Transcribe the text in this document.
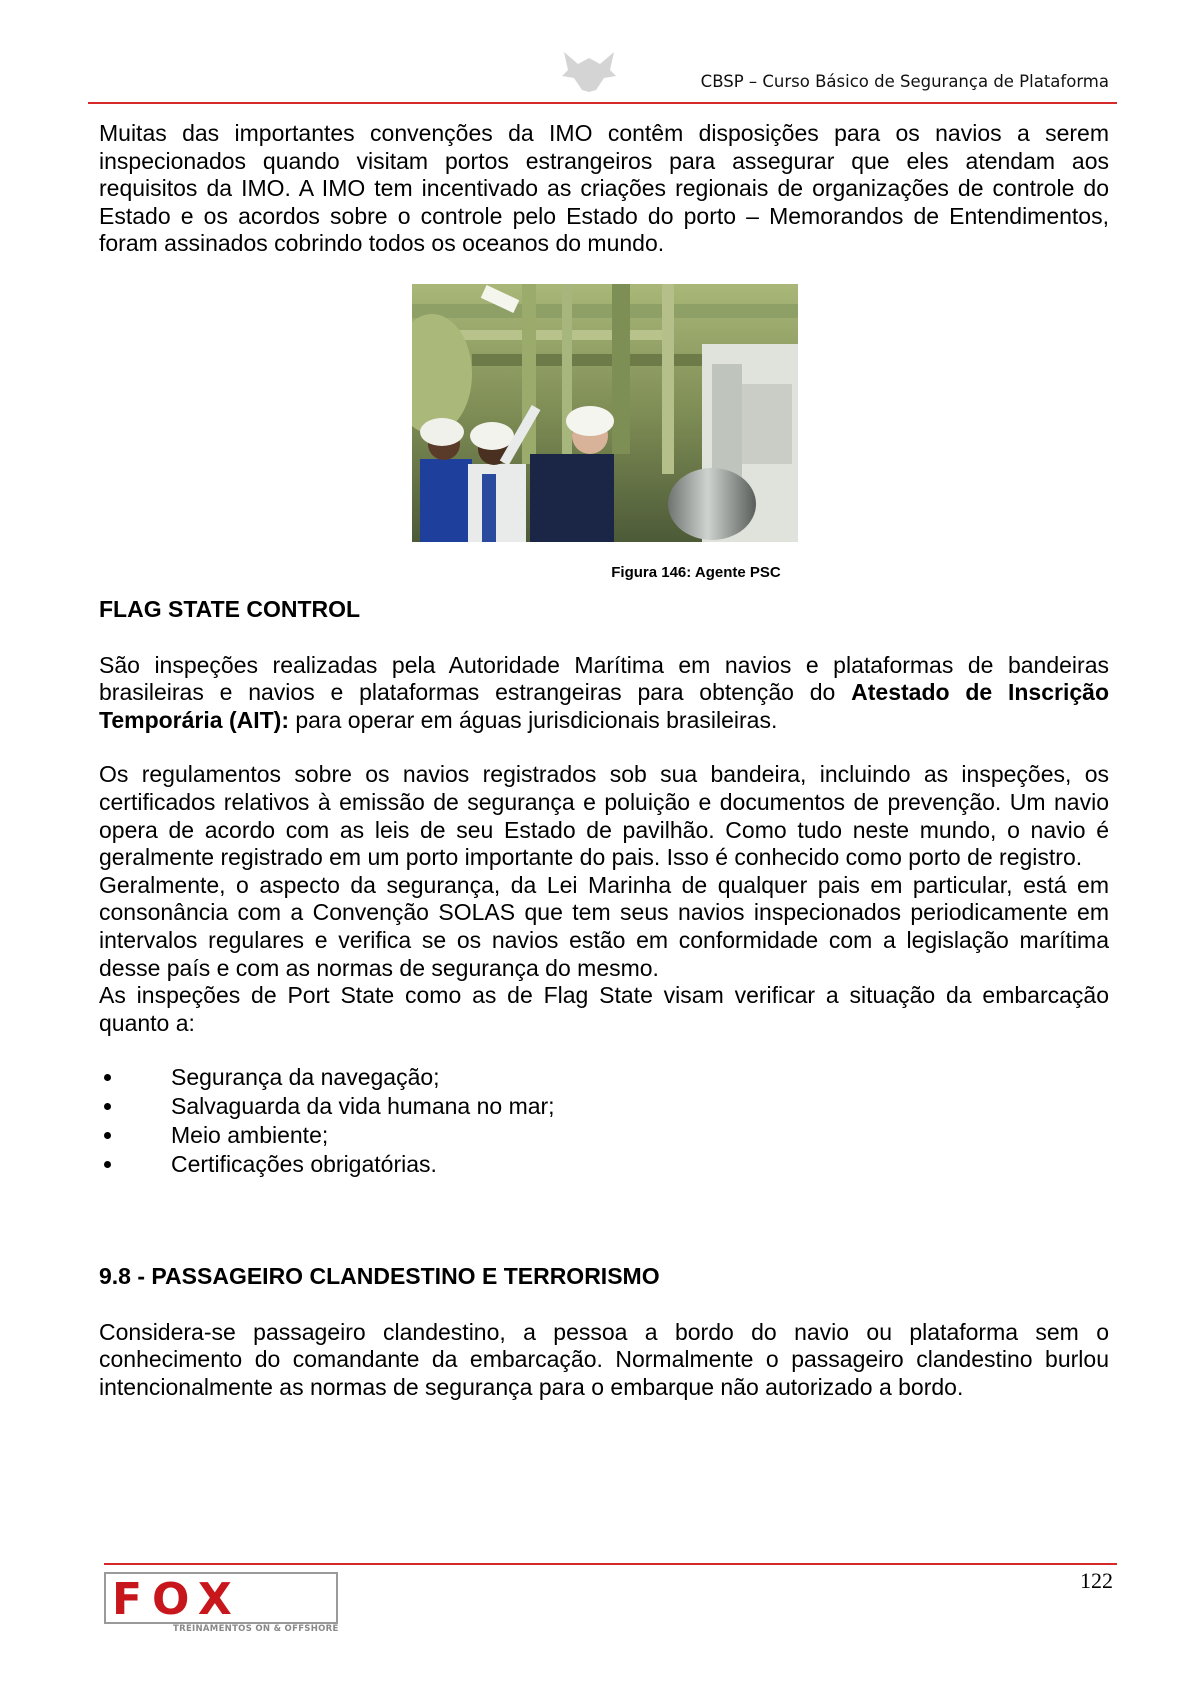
CBSP – Curso Básico de Segurança de Plataforma

Muitas das importantes convenções da IMO contêm disposições para os navios a serem inspecionados quando visitam portos estrangeiros para assegurar que eles atendam aos requisitos da IMO. A IMO tem incentivado as criações regionais de organizações de controle do Estado e os acordos sobre o controle pelo Estado do porto – Memorandos de Entendimentos, foram assinados cobrindo todos os oceanos do mundo.

Figura 146: Agente PSC
FLAG STATE CONTROL

São inspeções realizadas pela Autoridade Marítima em navios e plataformas de bandeiras brasileiras e navios e plataformas estrangeiras para obtenção do Atestado de Inscrição Temporária (AIT): para operar em águas jurisdicionais brasileiras.

Os regulamentos sobre os navios registrados sob sua bandeira, incluindo as inspeções, os certificados relativos à emissão de segurança e poluição e documentos de prevenção. Um navio opera de acordo com as leis de seu Estado de pavilhão. Como tudo neste mundo, o navio é geralmente registrado em um porto importante do pais. Isso é conhecido como porto de registro.

Geralmente, o aspecto da segurança, da Lei Marinha de qualquer pais em particular, está em consonância com a Convenção SOLAS que tem seus navios inspecionados periodicamente em intervalos regulares e verifica se os navios estão em conformidade com a legislação marítima desse país e com as normas de segurança do mesmo.

As inspeções de Port State como as de Flag State visam verificar a situação da embarcação quanto a:

Segurança da navegação;
Salvaguarda da vida humana no mar;
Meio ambiente;
Certificações obrigatórias.
9.8 - PASSAGEIRO CLANDESTINO E TERRORISMO

Considera-se passageiro clandestino, a pessoa a bordo do navio ou plataforma sem o conhecimento do comandante da embarcação. Normalmente o passageiro clandestino burlou intencionalmente as normas de segurança para o embarque não autorizado a bordo.

122
FOX
TREINAMENTOS ON & OFFSHORE
